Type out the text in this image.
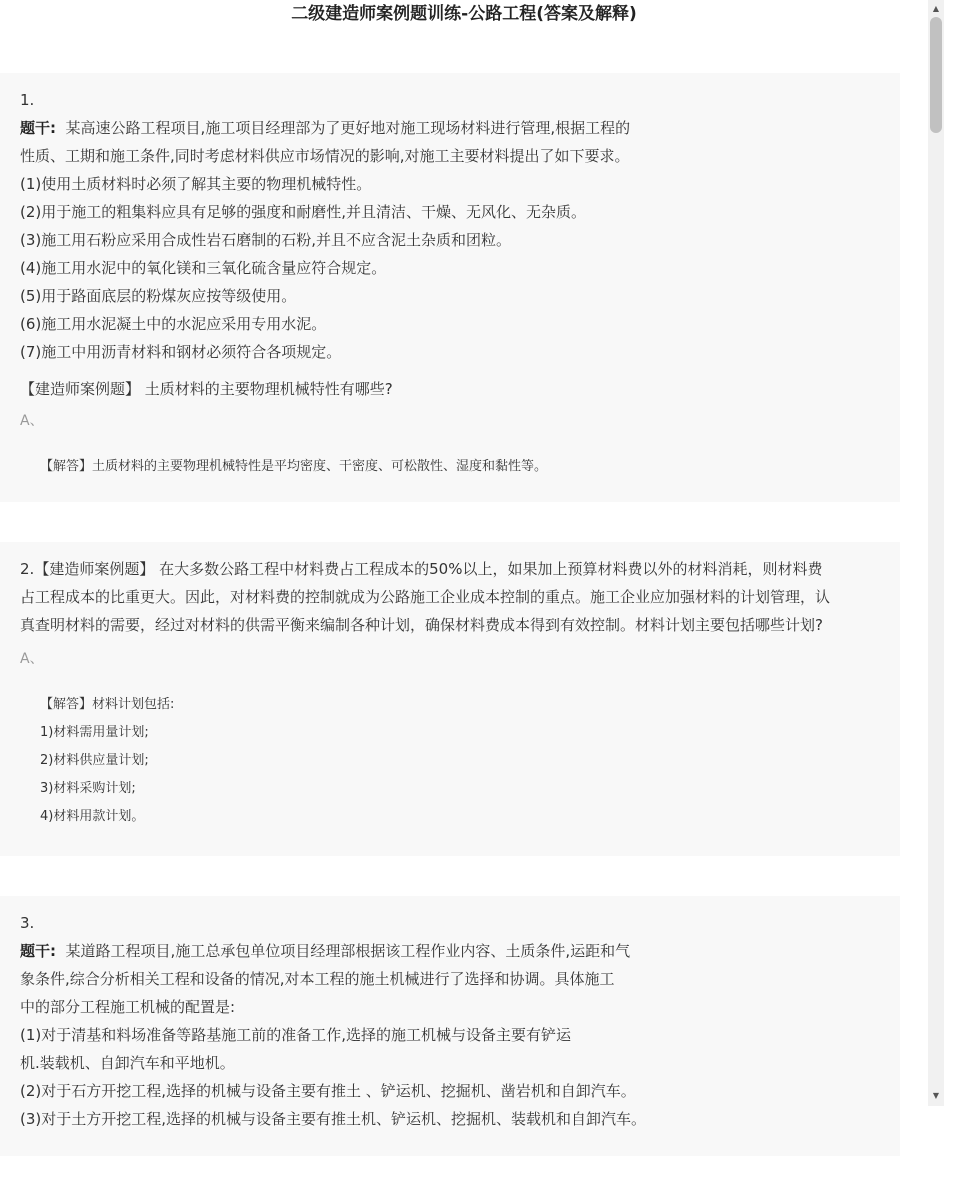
二级建造师案例题训练-公路工程(答案及解释)
1.
题干: 某高速公路工程项目,施工项目经理部为了更好地对施工现场材料进行管理,根据工程的
性质、工期和施工条件,同时考虑材料供应市场情况的影响,对施工主要材料提出了如下要求。
(1)使用土质材料时必须了解其主要的物理机械特性。
(2)用于施工的粗集料应具有足够的强度和耐磨性,并且清洁、干燥、无风化、无杂质。
(3)施工用石粉应采用合成性岩石磨制的石粉,并且不应含泥土杂质和团粒。
(4)施工用水泥中的氧化镁和三氧化硫含量应符合规定。
(5)用于路面底层的粉煤灰应按等级使用。
(6)施工用水泥凝土中的水泥应采用专用水泥。
(7)施工中用沥青材料和钢材必须符合各项规定。
【建造师案例题】 土质材料的主要物理机械特性有哪些?
A、
【解答】土质材料的主要物理机械特性是平均密度、干密度、可松散性、湿度和黏性等。
2.【建造师案例题】 在大多数公路工程中材料费占工程成本的50%以上，如果加上预算材料费以外的材料消耗，则材料费
占工程成本的比重更大。因此，对材料费的控制就成为公路施工企业成本控制的重点。施工企业应加强材料的计划管理，认
真查明材料的需要，经过对材料的供需平衡来编制各种计划，确保材料费成本得到有效控制。材料计划主要包括哪些计划?
A、
【解答】材料计划包括:
1)材料需用量计划;
2)材料供应量计划;
3)材料采购计划;
4)材料用款计划。
3.
题干: 某道路工程项目,施工总承包单位项目经理部根据该工程作业内容、土质条件,运距和气
象条件,综合分析相关工程和设备的情况,对本工程的施土机械进行了选择和协调。具体施工
中的部分工程施工机械的配置是:
(1)对于清基和料场准备等路基施工前的准备工作,选择的施工机械与设备主要有铲运
机.装载机、自卸汽车和平地机。
(2)对于石方开挖工程,选择的机械与设备主要有推土 、铲运机、挖掘机、凿岩机和自卸汽车。
(3)对于土方开挖工程,选择的机械与设备主要有推土机、铲运机、挖掘机、装载机和自卸汽车。
▲
▼
